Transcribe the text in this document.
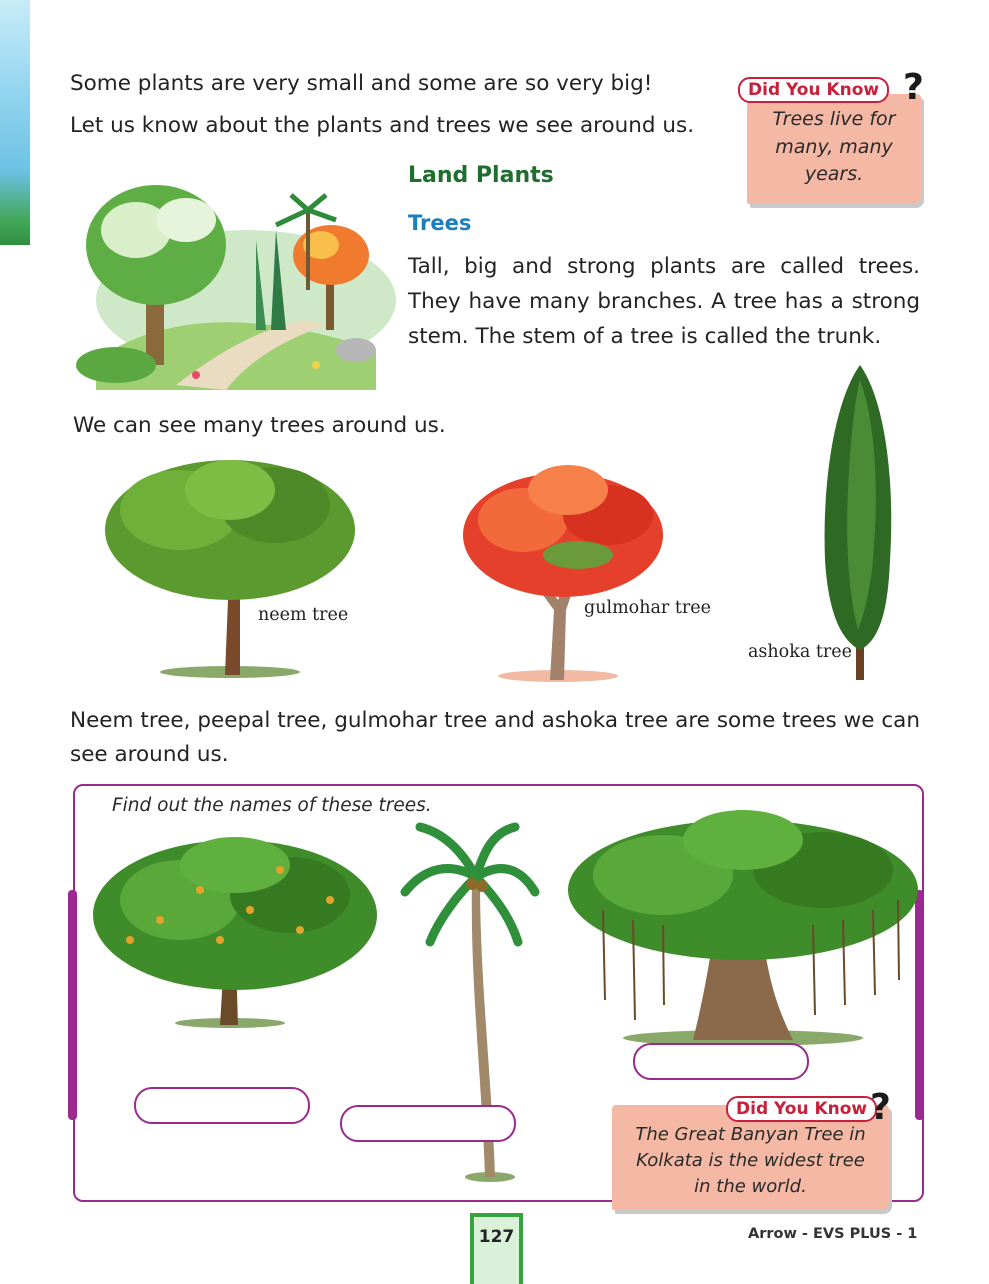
Some plants are very small and some are so very big!
Let us know about the plants and trees we see around us.	Trees live for many, many years.
Did You Know ?
Land Plants
Trees
Tall, big and strong plants are called trees. They have many branches. A tree has a strong stem. The stem of a tree is called the trunk.
We can see many trees around us.
neem tree	gulmohar tree
ashoka tree
Neem tree, peepal tree, gulmohar tree and ashoka tree are some trees we can see around us.
Find out the names of these trees.
The Great Banyan Tree in Kolkata is the widest tree in the world.
Did You Know ?
127	Arrow - EVS PLUS - 1
